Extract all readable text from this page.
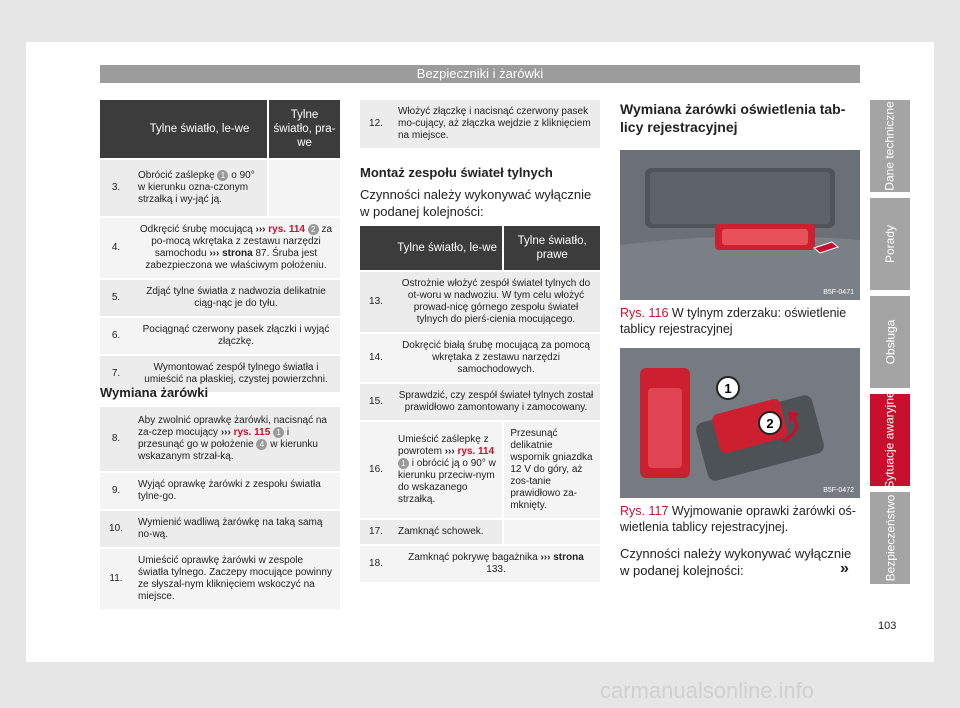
Bezpieczniki i żarówki
	Tylne światło, le-we	Tylne światło, pra-we
3.	Obrócić zaślepkę 1 o 90° w kierunku ozna-czonym strzałką i wy-jąć ją.	
4.	Odkręcić śrubę mocującą ››› rys. 114 2 za po-mocą wkrętaka z zestawu narzędzi samochodu ››› strona 87. Śruba jest zabezpieczona we właściwym położeniu.	
5.	Zdjąć tylne światła z nadwozia delikatnie ciąg-nąc je do tyłu.	
6.	Pociągnąć czerwony pasek złączki i wyjąć złączkę.	
7.	Wymontować zespół tylnego światła i umieścić na płaskiej, czystej powierzchni.	
Wymiana żarówki
8.	Aby zwolnić oprawkę żarówki, nacisnąć na za-czep mocujący ››› rys. 115 1 i przesunąć go w położenie 4 w kierunku wskazanym strzał-ką.
9.	Wyjąć oprawkę żarówki z zespołu światła tylne-go.
10.	Wymienić wadliwą żarówkę na taką samą no-wą.
11.	Umieścić oprawkę żarówki w zespole światła tylnego. Zaczepy mocujące powinny ze słyszal-nym kliknięciem wskoczyć na miejsce.
12.	Włożyć złączkę i nacisnąć czerwony pasek mo-cujący, aż złączka wejdzie z kliknięciem na miejsce.
Montaż zespołu świateł tylnych
Czynności należy wykonywać wyłącznie w podanej kolejności:
	Tylne światło, le-we	Tylne światło, prawe
13.	Ostrożnie włożyć zespół świateł tylnych do ot-woru w nadwoziu. W tym celu włożyć prowad-nicę górnego zespołu świateł tylnych do pierś-cienia mocującego.	
14.	Dokręcić białą śrubę mocującą za pomocą wkrętaka z zestawu narzędzi samochodowych.	
15.	Sprawdzić, czy zespół świateł tylnych został prawidłowo zamontowany i zamocowany.	
16.	Umieścić zaślepkę z powrotem ››› rys. 114 1 i obrócić ją o 90° w kierunku przeciw-nym do wskazanego strzałką.	Przesunąć delikatnie wspornik gniazdka 12 V do góry, aż zos-tanie prawidłowo za-mknięty.
17.	Zamknąć schowek.	
18.	Zamknąć pokrywę bagażnika ››› strona 133.	
Wymiana żarówki oświetlenia tab-licy rejestracyjnej
B5F-0471
Rys. 116 W tylnym zderzaku: oświetlenie tablicy rejestracyjnej
1
2
B5F-0472
Rys. 117 Wyjmowanie oprawki żarówki oś-wietlenia tablicy rejestracyjnej.
Czynności należy wykonywać wyłącznie w podanej kolejności:	»
Dane techniczne
Porady
Obsługa
Sytuacje awaryjne
Bezpieczeństwo
103
carmanualsonline.info
